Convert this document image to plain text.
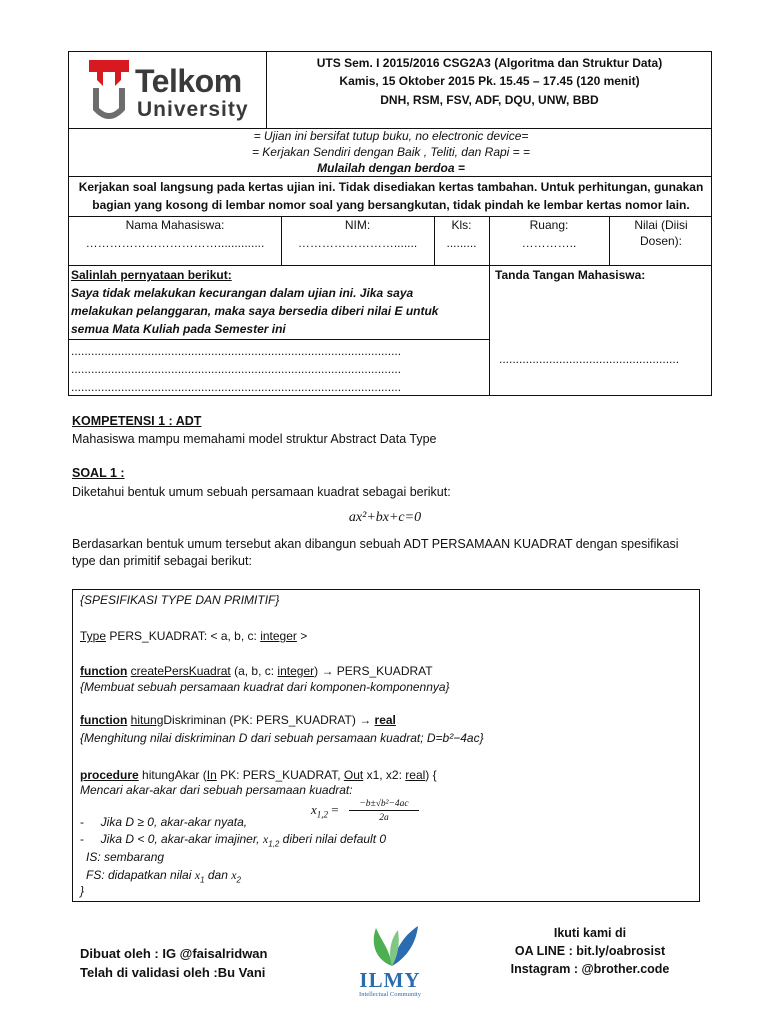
Telkom
University
UTS Sem. I 2015/2016 CSG2A3 (Algoritma dan Struktur Data)
Kamis, 15 Oktober 2015 Pk. 15.45 – 17.45 (120 menit)
DNH, RSM, FSV, ADF, DQU, UNW, BBD
= Ujian ini bersifat tutup buku, no electronic device=
= Kerjakan Sendiri dengan Baik , Teliti, dan Rapi = =
Mulailah dengan berdoa =
Kerjakan soal langsung pada kertas ujian ini. Tidak disediakan kertas tambahan. Untuk perhitungan, gunakan
bagian yang kosong di lembar nomor soal yang bersangkutan, tidak pindah ke lembar kertas nomor lain.
Nama Mahasiswa:
……………………………..............
NIM:
…………………….......
Kls:
.........
Ruang:
…………..
Nilai (Diisi
Dosen):
Salinlah pernyataan berikut:
Saya tidak melakukan kecurangan dalam ujian ini. Jika saya
melakukan pelanggaran, maka saya bersedia diberi nilai E untuk
semua Mata Kuliah pada Semester ini
...................................................................................................
...................................................................................................
...................................................................................................
Tanda Tangan Mahasiswa:
......................................................
KOMPETENSI 1 : ADT
Mahasiswa mampu memahami model struktur Abstract Data Type
SOAL 1 :
Diketahui bentuk umum sebuah persamaan kuadrat sebagai berikut:
ax²+bx+c=0
Berdasarkan bentuk umum tersebut akan dibangun sebuah ADT PERSAMAAN KUADRAT dengan spesifikasi
type dan primitif sebagai berikut:
{SPESIFIKASI TYPE DAN PRIMITIF}
Type PERS_KUADRAT: < a, b, c: integer >
function createPersKuadrat (a, b, c: integer) → PERS_KUADRAT
{Membuat sebuah persamaan kuadrat dari komponen-komponennya}
function hitungDiskriminan (PK: PERS_KUADRAT) → real
{Menghitung nilai diskriminan D dari sebuah persamaan kuadrat; D=b²−4ac}
procedure hitungAkar (In PK: PERS_KUADRAT, Out x1, x2: real) {
Mencari akar-akar dari sebuah persamaan kuadrat:
$x_{1,2}$ =	−b±√b²−4ac
2a
- Jika D ≥ 0, akar-akar nyata,
- Jika D < 0, akar-akar imajiner, $x_{1,2}$ diberi nilai default 0
IS: sembarang
FS: didapatkan nilai $x_1$ dan $x_2$
}
Dibuat oleh : IG @faisalridwan
Telah di validasi oleh :Bu Vani	ILMY
Intellectual Community
Ikuti kami di
OA LINE : bit.ly/oabrosist
Instagram : @brother.code
